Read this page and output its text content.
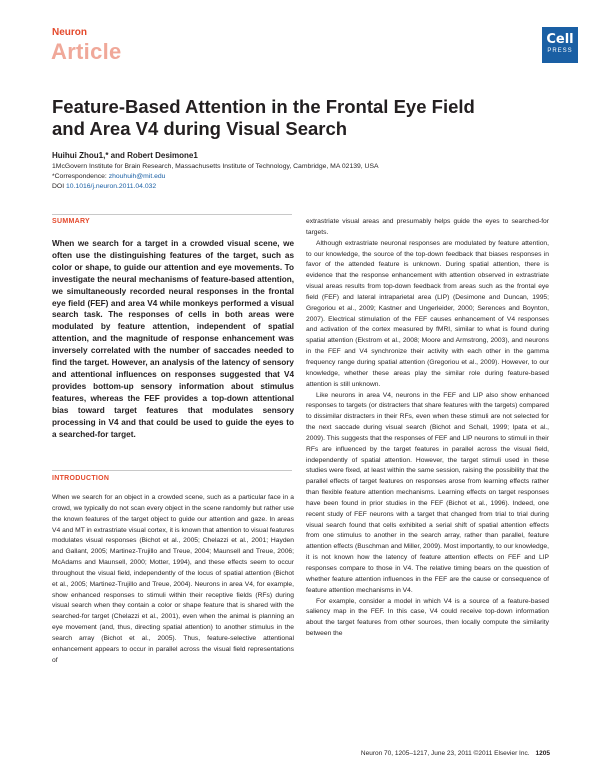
Neuron
Article	Cell
PRESS
Feature-Based Attention in the Frontal Eye Field
and Area V4 during Visual Search
Huihui Zhou1,* and Robert Desimone1
1McGovern Institute for Brain Research, Massachusetts Institute of Technology, Cambridge, MA 02139, USA
*Correspondence: zhouhuih@mit.edu
DOI 10.1016/j.neuron.2011.04.032
SUMMARY
When we search for a target in a crowded visual scene, we often use the distinguishing features of the target, such as color or shape, to guide our attention and eye movements. To investigate the neural mechanisms of feature-based attention, we simultaneously recorded neural responses in the frontal eye field (FEF) and area V4 while monkeys performed a visual search task. The responses of cells in both areas were modulated by feature attention, independent of spatial attention, and the magnitude of response enhancement was inversely correlated with the number of saccades needed to find the target. However, an analysis of the latency of sensory and attentional influences on responses suggested that V4 provides bottom-up sensory information about stimulus features, whereas the FEF provides a top-down attentional bias toward target features that modulates sensory processing in V4 and that could be used to guide the eyes to a searched-for target.
INTRODUCTION

When we search for an object in a crowded scene, such as a particular face in a crowd, we typically do not scan every object in the scene randomly but rather use the known features of the target object to guide our attention and gaze. In areas V4 and MT in extrastriate visual cortex, it is known that attention to visual features modulates visual responses (Bichot et al., 2005; Chelazzi et al., 2001; Hayden and Gallant, 2005; Martinez-Trujillo and Treue, 2004; Maunsell and Treue, 2006; McAdams and Maunsell, 2000; Motter, 1994), and these effects seem to occur throughout the visual field, independently of the locus of spatial attention (Bichot et al., 2005; Martinez-Trujillo and Treue, 2004). Neurons in area V4, for example, show enhanced responses to stimuli within their receptive fields (RFs) during visual search when they contain a color or shape feature that is shared with the searched-for target (Chelazzi et al., 2001), even when the animal is planning an eye movement (and, thus, directing spatial attention) to another stimulus in the search array (Bichot et al., 2005). Thus, feature-selective attentional enhancement appears to occur in parallel across the visual field representations of

extrastriate visual areas and presumably helps guide the eyes to searched-for targets.

Although extrastriate neuronal responses are modulated by feature attention, to our knowledge, the source of the top-down feedback that biases responses in favor of the attended feature is unknown. During spatial attention, there is evidence that the response enhancement with attention observed in extrastriate visual areas results from top-down feedback from areas such as the frontal eye field (FEF) and lateral intraparietal area (LIP) (Desimone and Duncan, 1995; Gregoriou et al., 2009; Kastner and Ungerleider, 2000; Serences and Boynton, 2007). Electrical stimulation of the FEF causes enhancement of V4 responses and activation of the cortex measured by fMRI, similar to what is found during spatial attention (Ekstrom et al., 2008; Moore and Armstrong, 2003), and neurons in the FEF and V4 synchronize their activity with each other in the gamma frequency range during spatial attention (Gregoriou et al., 2009). However, to our knowledge, whether these areas play the similar role during feature-based attention is still unknown.

Like neurons in area V4, neurons in the FEF and LIP also show enhanced responses to targets (or distracters that share features with the targets) compared to dissimilar distracters in their RFs, even when these stimuli are not selected for the next saccade during visual search (Bichot and Schall, 1999; Ipata et al., 2009). This suggests that the responses of FEF and LIP neurons to stimuli in their RFs are influenced by the target features in parallel across the visual field, independently of spatial attention. However, the target stimuli used in these studies were fixed, at least within the same session, raising the possibility that the parallel effects of target features on responses arose from learning effects rather than flexible feature attention mechanisms. Learning effects on target responses have been found in prior studies in the FEF (Bichot et al., 1996). Indeed, one recent study of FEF neurons with a target that changed from trial to trial during visual search found that cells exhibited a serial shift of spatial attention effects from one stimulus to another in the search array, rather than parallel, feature attention effects (Buschman and Miller, 2009). Most importantly, to our knowledge, it is not known how the latency of feature attention effects on FEF and LIP responses compare to those in V4. The relative timing bears on the question of whether feature attention influences in the FEF are the cause or consequence of feature attention mechanisms in V4.

For example, consider a model in which V4 is a source of a feature-based saliency map in the FEF. In this case, V4 could receive top-down information about the target features from other sources, then locally compute the similarity between the

Neuron 70, 1205–1217, June 23, 2011 ©2011 Elsevier Inc. 1205
